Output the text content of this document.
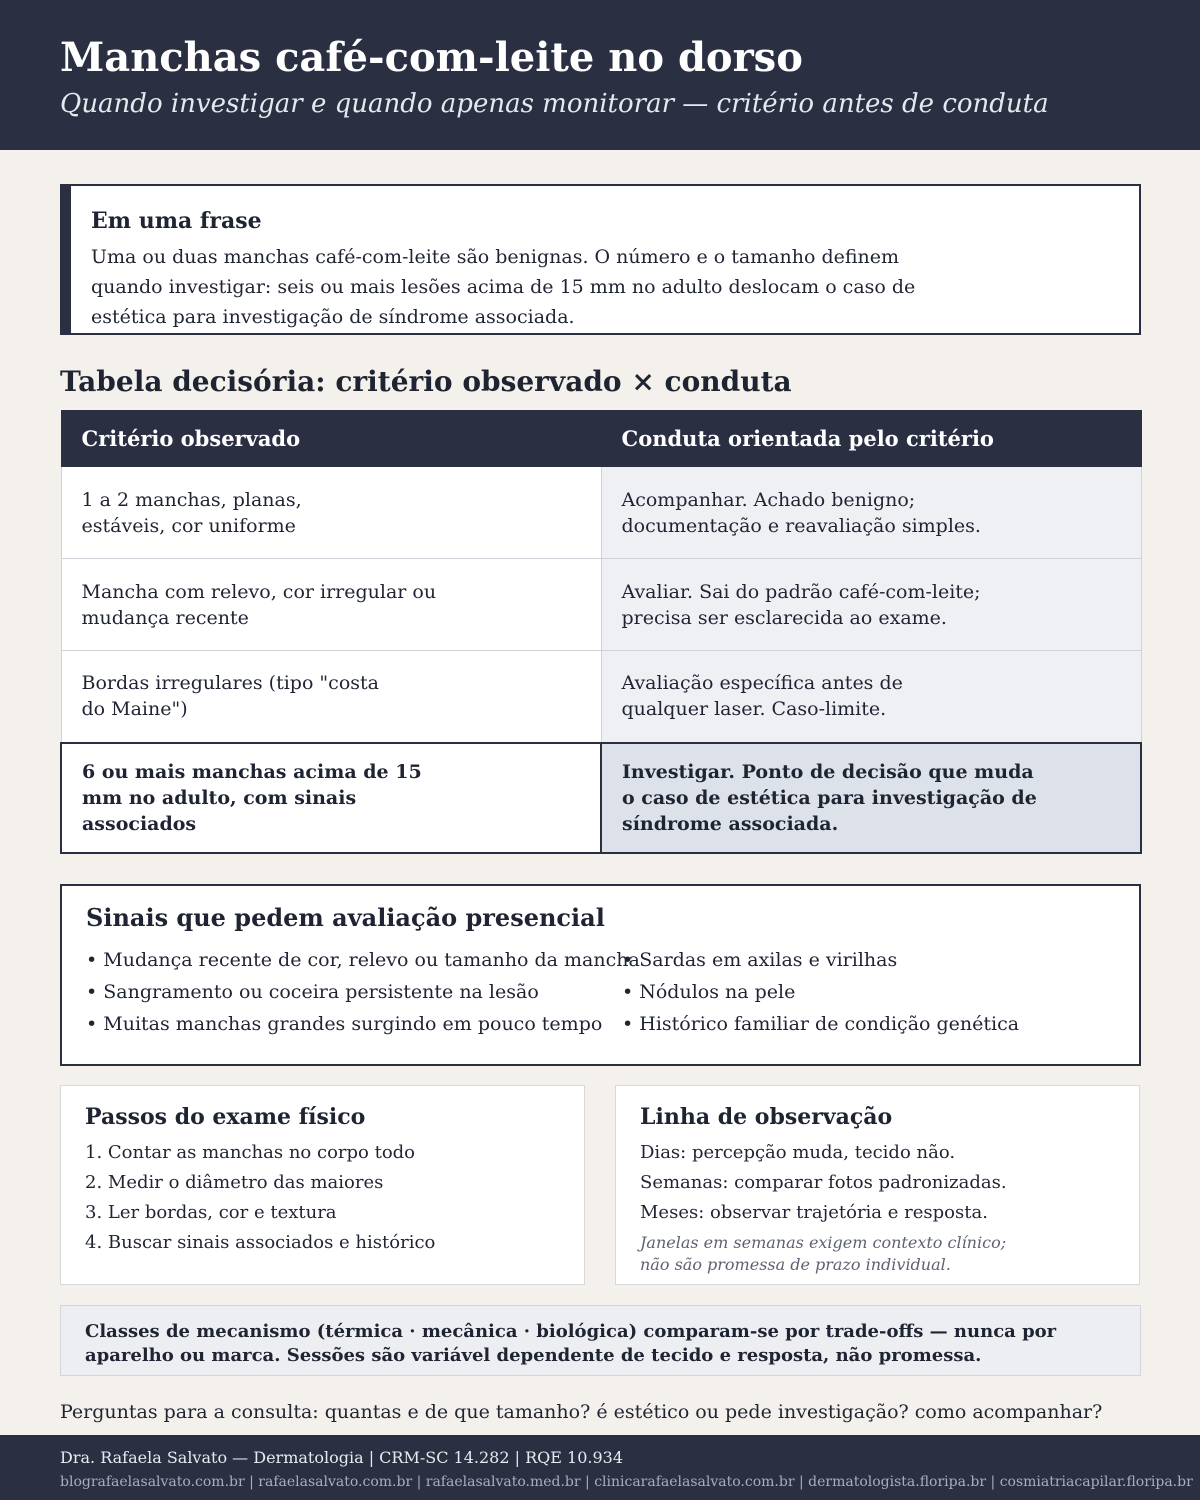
Manchas café-com-leite no dorso
Quando investigar e quando apenas monitorar — critério antes de conduta
Em uma frase

Uma ou duas manchas café-com-leite são benignas. O número e o tamanho definem quando investigar: seis ou mais lesões acima de 15 mm no adulto deslocam o caso de estética para investigação de síndrome associada.

Tabela decisória: critério observado × conduta
Critério observado	Conduta orientada pelo critério
1 a 2 manchas, planas, estáveis, cor uniforme	Acompanhar. Achado benigno; documentação e reavaliação simples.
Mancha com relevo, cor irregular ou mudança recente	Avaliar. Sai do padrão café-com-leite; precisa ser esclarecida ao exame.
Bordas irregulares (tipo "costa do Maine")	Avaliação específica antes de qualquer laser. Caso-limite.
6 ou mais manchas acima de 15 mm no adulto, com sinais associados	Investigar. Ponto de decisão que muda o caso de estética para investigação de síndrome associada.
Sinais que pedem avaliação presencial
• Mudança recente de cor, relevo ou tamanho da mancha
• Sangramento ou coceira persistente na lesão
• Muitas manchas grandes surgindo em pouco tempo
• Sardas em axilas e virilhas
• Nódulos na pele
• Histórico familiar de condição genética
Passos do exame físico
1. Contar as manchas no corpo todo
2. Medir o diâmetro das maiores
3. Ler bordas, cor e textura
4. Buscar sinais associados e histórico
Linha de observação
Dias: percepção muda, tecido não.
Semanas: comparar fotos padronizadas.
Meses: observar trajetória e resposta.
Janelas em semanas exigem contexto clínico; não são promessa de prazo individual.
Classes de mecanismo (térmica · mecânica · biológica) comparam-se por trade-offs — nunca por aparelho ou marca. Sessões são variável dependente de tecido e resposta, não promessa.
Perguntas para a consulta: quantas e de que tamanho? é estético ou pede investigação? como acompanhar?
Dra. Rafaela Salvato — Dermatologia | CRM-SC 14.282 | RQE 10.934
blografaelasalvato.com.br | rafaelasalvato.com.br | rafaelasalvato.med.br | clinicarafaelasalvato.com.br | dermatologista.floripa.br | cosmiatriacapilar.floripa.br
